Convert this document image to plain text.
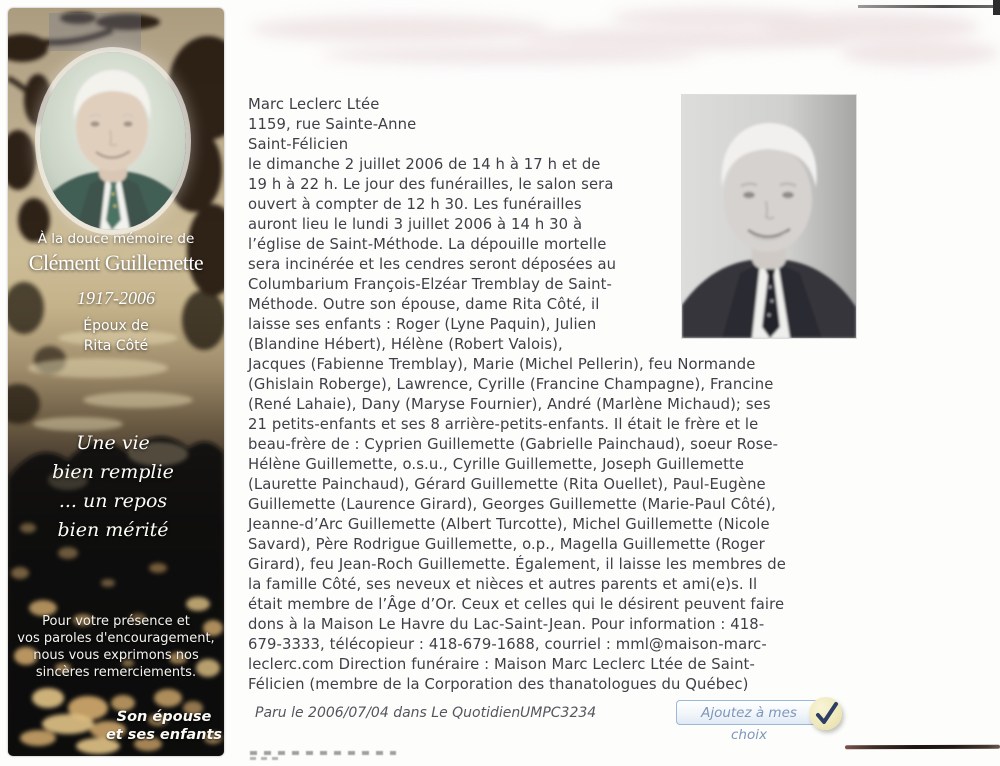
À la douce mémoire de
Clément Guillemette
1917-2006
Époux de
Rita Côté
Une vie
bien remplie
... un repos
bien mérité
Pour votre présence et
vos paroles d'encouragement,
nous vous exprimons nos
sincères remerciements.
Son épouse
et ses enfants
Marc Leclerc Ltée
1159, rue Sainte-Anne
Saint-Félicien
le dimanche 2 juillet 2006 de 14 h à 17 h et de
19 h à 22 h. Le jour des funérailles, le salon sera
ouvert à compter de 12 h 30. Les funérailles
auront lieu le lundi 3 juillet 2006 à 14 h 30 à
l’église de Saint-Méthode. La dépouille mortelle
sera incinérée et les cendres seront déposées au
Columbarium François-Elzéar Tremblay de Saint-
Méthode. Outre son épouse, dame Rita Côté, il
laisse ses enfants : Roger (Lyne Paquin), Julien
(Blandine Hébert), Hélène (Robert Valois),
Jacques (Fabienne Tremblay), Marie (Michel Pellerin), feu Normande
(Ghislain Roberge), Lawrence, Cyrille (Francine Champagne), Francine
(René Lahaie), Dany (Maryse Fournier), André (Marlène Michaud); ses
21 petits-enfants et ses 8 arrière-petits-enfants. Il était le frère et le
beau-frère de : Cyprien Guillemette (Gabrielle Painchaud), soeur Rose-
Hélène Guillemette, o.s.u., Cyrille Guillemette, Joseph Guillemette
(Laurette Painchaud), Gérard Guillemette (Rita Ouellet), Paul-Eugène
Guillemette (Laurence Girard), Georges Guillemette (Marie-Paul Côté),
Jeanne-d’Arc Guillemette (Albert Turcotte), Michel Guillemette (Nicole
Savard), Père Rodrigue Guillemette, o.p., Magella Guillemette (Roger
Girard), feu Jean-Roch Guillemette. Également, il laisse les membres de
la famille Côté, ses neveux et nièces et autres parents et ami(e)s. Il
était membre de l’Âge d’Or. Ceux et celles qui le désirent peuvent faire
dons à la Maison Le Havre du Lac-Saint-Jean. Pour information : 418-
679-3333, télécopieur : 418-679-1688, courriel : mml@maison-marc-
leclerc.com Direction funéraire : Maison Marc Leclerc Ltée de Saint-
Félicien (membre de la Corporation des thanatologues du Québec)
Paru le 2006/07/04 dans Le Quotidien UMPC3234	Ajoutez à mes choix
